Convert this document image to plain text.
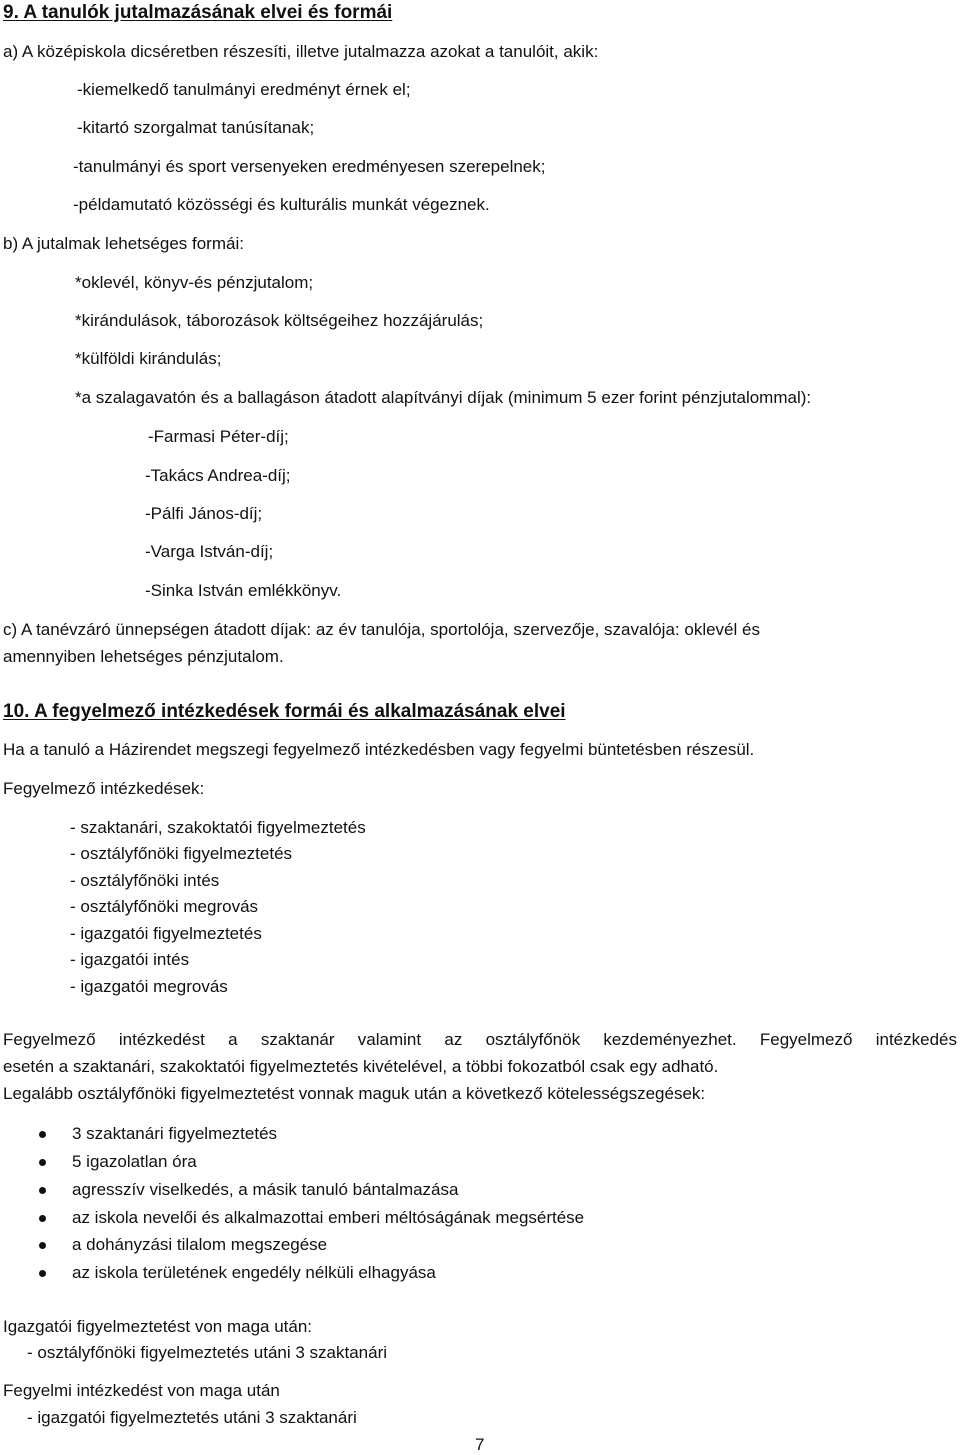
9. A tanulók jutalmazásának elvei és formái
a) A középiskola dicséretben részesíti, illetve jutalmazza azokat a tanulóit, akik:
-kiemelkedő tanulmányi eredményt érnek el;
-kitartó szorgalmat tanúsítanak;
-tanulmányi és sport versenyeken eredményesen szerepelnek;
-példamutató közösségi és kulturális munkát végeznek.
b) A jutalmak lehetséges formái:
*oklevél, könyv-és pénzjutalom;
*kirándulások, táborozások költségeihez hozzájárulás;
*külföldi kirándulás;
*a szalagavatón és a ballagáson átadott alapítványi díjak (minimum 5 ezer forint pénzjutalommal):
-Farmasi Péter-díj;
-Takács Andrea-díj;
-Pálfi János-díj;
-Varga István-díj;
-Sinka István emlékkönyv.
c) A tanévzáró ünnepségen átadott díjak: az év tanulója, sportolója, szervezője, szavalója: oklevél és
amennyiben lehetséges pénzjutalom.
10. A fegyelmező intézkedések formái és alkalmazásának elvei
Ha a tanuló a Házirendet megszegi fegyelmező intézkedésben vagy fegyelmi büntetésben részesül.
Fegyelmező intézkedések:
- szaktanári, szakoktatói figyelmeztetés
- osztályfőnöki figyelmeztetés
- osztályfőnöki intés
- osztályfőnöki megrovás
- igazgatói figyelmeztetés
- igazgatói intés
- igazgatói megrovás
Fegyelmező intézkedést a szaktanár valamint az osztályfőnök kezdeményezhet. Fegyelmező intézkedés
esetén a szaktanári, szakoktatói figyelmeztetés kivételével, a többi fokozatból csak egy adható.
Legalább osztályfőnöki figyelmeztetést vonnak maguk után a következő kötelességszegések:
3 szaktanári figyelmeztetés
5 igazolatlan óra
agresszív viselkedés, a másik tanuló bántalmazása
az iskola nevelői és alkalmazottai emberi méltóságának megsértése
a dohányzási tilalom megszegése
az iskola területének engedély nélküli elhagyása
Igazgatói figyelmeztetést von maga után:
- osztályfőnöki figyelmeztetés utáni 3 szaktanári
Fegyelmi intézkedést von maga után
- igazgatói figyelmeztetés utáni 3 szaktanári
7
